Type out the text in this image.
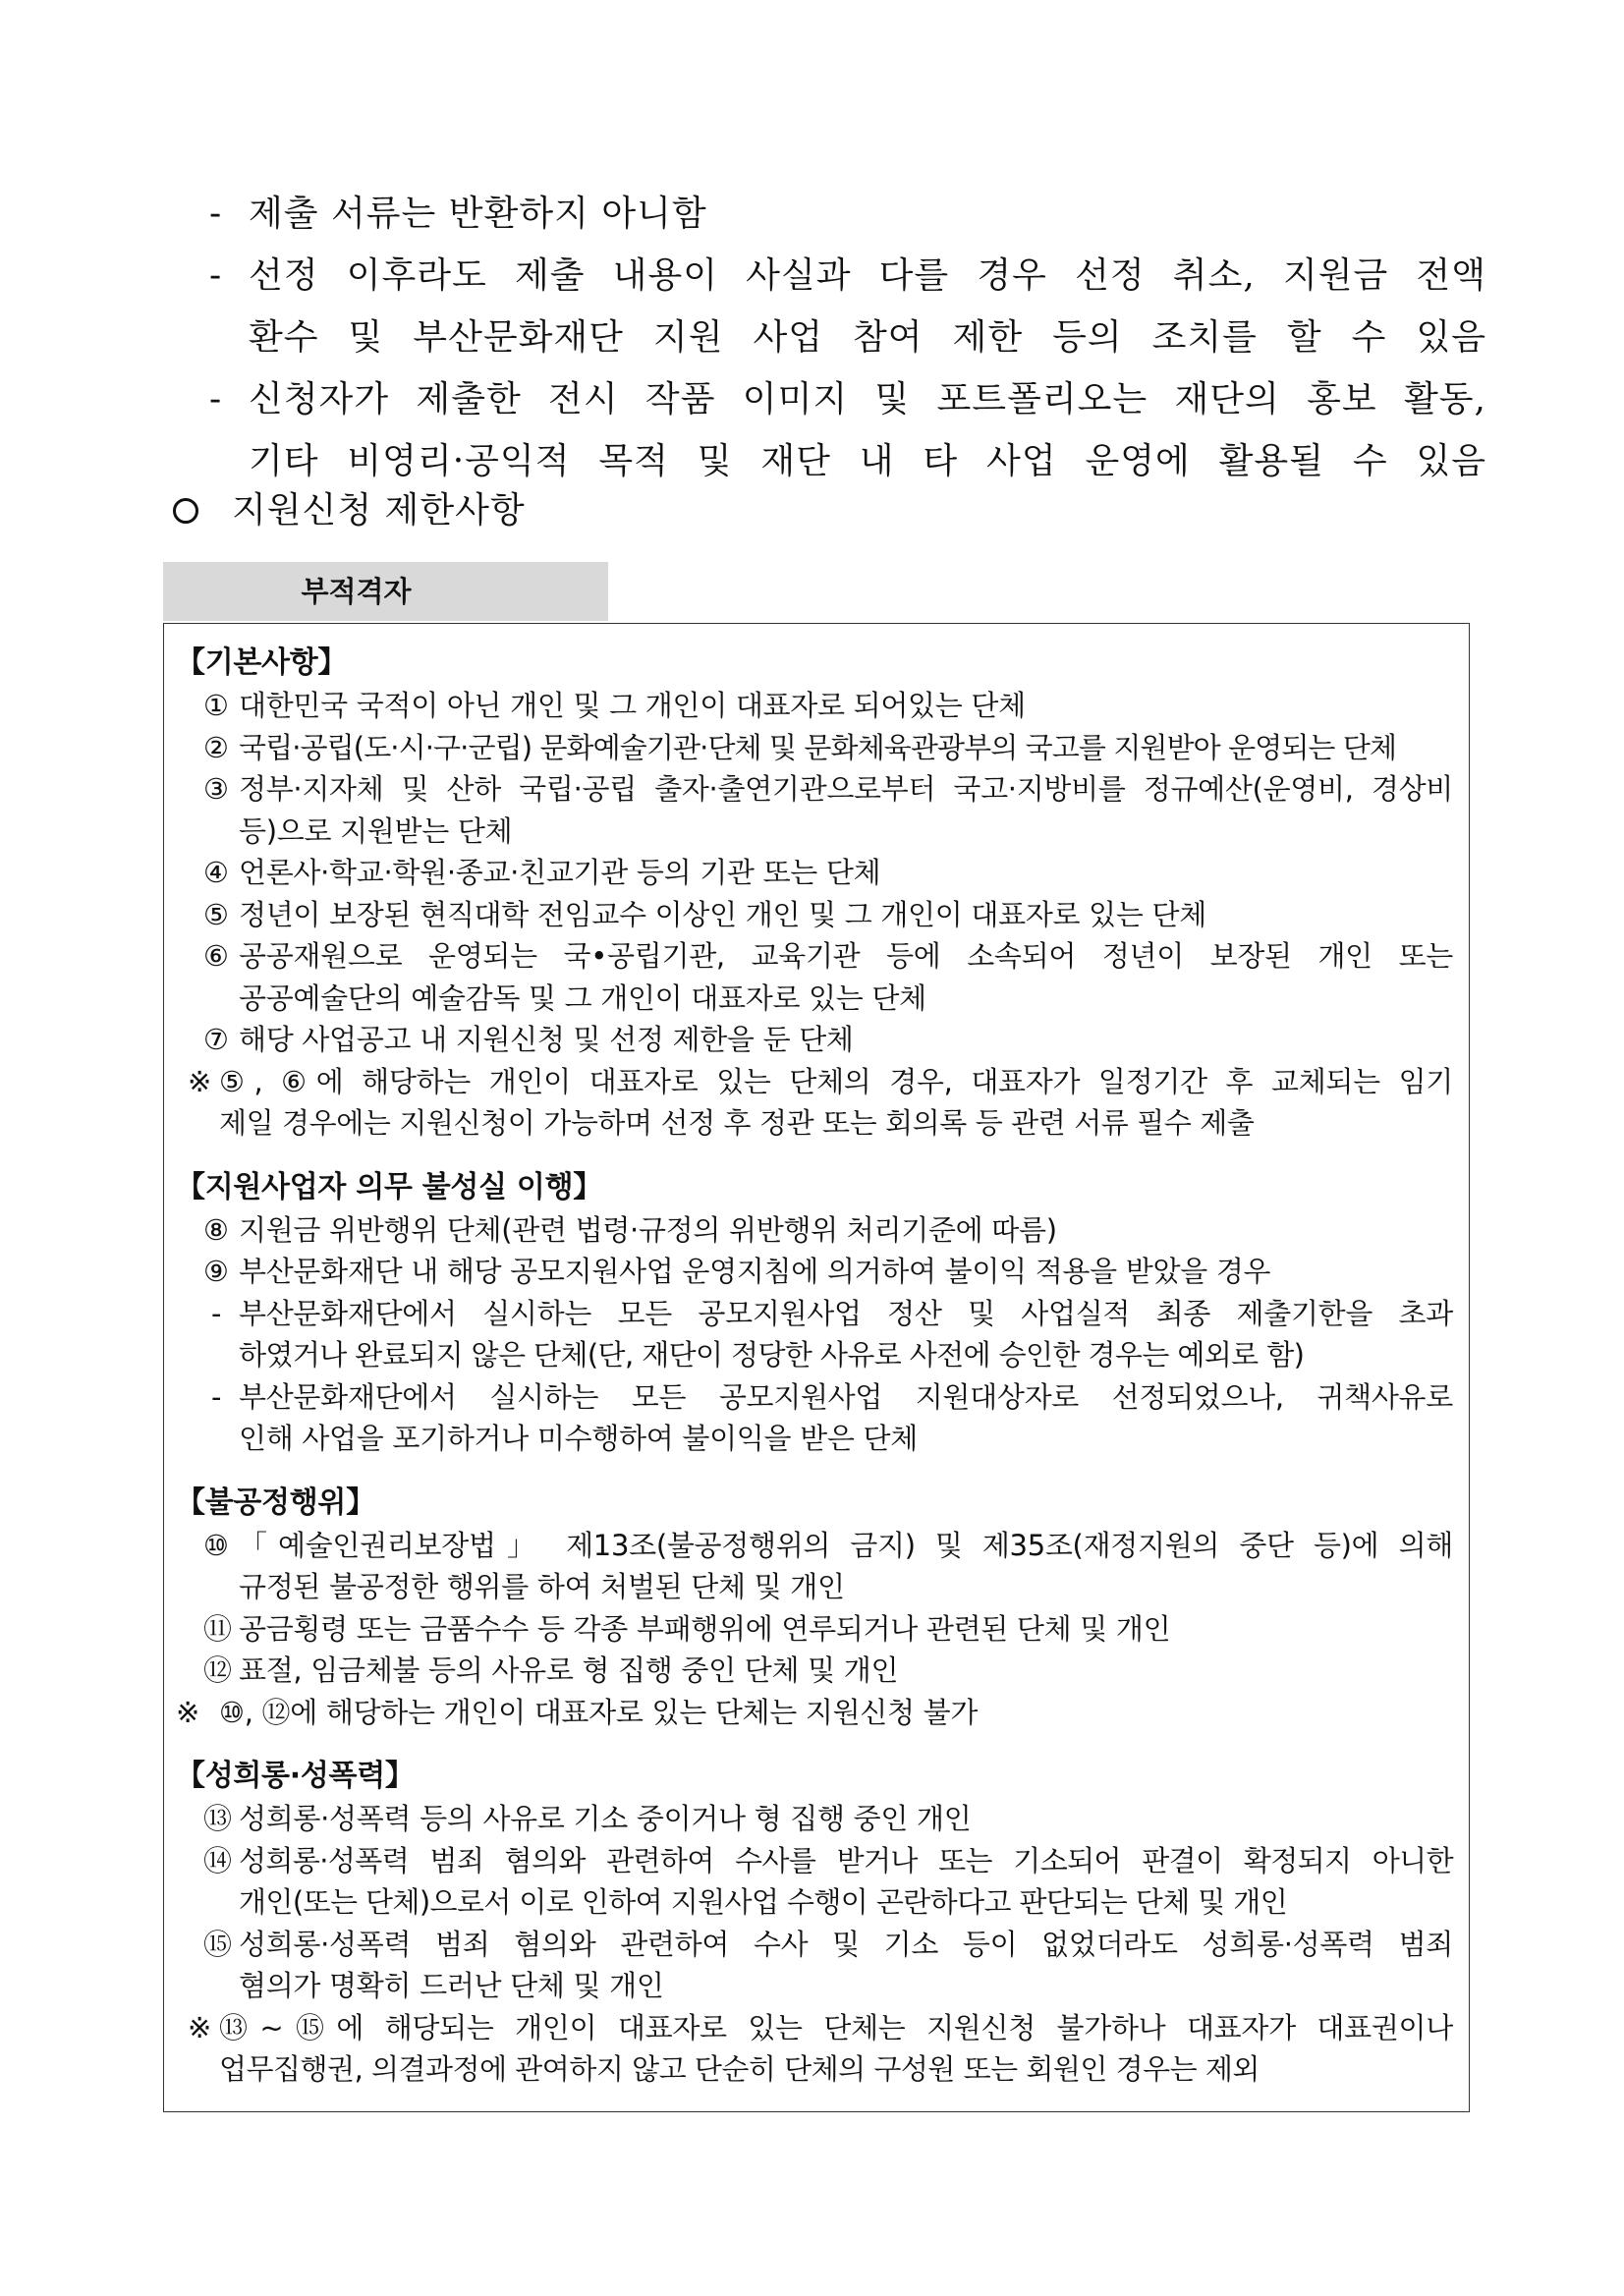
- 제출 서류는 반환하지 아니함
- 선정 이후라도 제출 내용이 사실과 다를 경우 선정 취소, 지원금 전액
환수 및 부산문화재단 지원 사업 참여 제한 등의 조치를 할 수 있음
- 신청자가 제출한 전시 작품 이미지 및 포트폴리오는 재단의 홍보 활동,
기타 비영리·공익적 목적 및 재단 내 타 사업 운영에 활용될 수 있음
지원신청 제한사항
부적격자
【기본사항】
① 대한민국 국적이 아닌 개인 및 그 개인이 대표자로 되어있는 단체
② 국립·공립(도·시·구·군립) 문화예술기관·단체 및 문화체육관광부의 국고를 지원받아 운영되는 단체
③ 정부·지자체 및 산하 국립·공립 출자·출연기관으로부터 국고·지방비를 정규예산(운영비, 경상비
등)으로 지원받는 단체
④ 언론사·학교·학원·종교·친교기관 등의 기관 또는 단체
⑤ 정년이 보장된 현직대학 전임교수 이상인 개인 및 그 개인이 대표자로 있는 단체
⑥ 공공재원으로 운영되는 국•공립기관, 교육기관 등에 소속되어 정년이 보장된 개인 또는
공공예술단의 예술감독 및 그 개인이 대표자로 있는 단체
⑦ 해당 사업공고 내 지원신청 및 선정 제한을 둔 단체
※ ⑤, ⑥에 해당하는 개인이 대표자로 있는 단체의 경우, 대표자가 일정기간 후 교체되는 임기
제일 경우에는 지원신청이 가능하며 선정 후 정관 또는 회의록 등 관련 서류 필수 제출
【지원사업자 의무 불성실 이행】
⑧ 지원금 위반행위 단체(관련 법령·규정의 위반행위 처리기준에 따름)
⑨ 부산문화재단 내 해당 공모지원사업 운영지침에 의거하여 불이익 적용을 받았을 경우
- 부산문화재단에서 실시하는 모든 공모지원사업 정산 및 사업실적 최종 제출기한을 초과
하였거나 완료되지 않은 단체(단, 재단이 정당한 사유로 사전에 승인한 경우는 예외로 함)
- 부산문화재단에서 실시하는 모든 공모지원사업 지원대상자로 선정되었으나, 귀책사유로
인해 사업을 포기하거나 미수행하여 불이익을 받은 단체
【불공정행위】
⑩ 「예술인권리보장법」 제13조(불공정행위의 금지) 및 제35조(재정지원의 중단 등)에 의해
규정된 불공정한 행위를 하여 처벌된 단체 및 개인
⑪ 공금횡령 또는 금품수수 등 각종 부패행위에 연루되거나 관련된 단체 및 개인
⑫ 표절, 임금체불 등의 사유로 형 집행 중인 단체 및 개인
※ ⑩, ⑫에 해당하는 개인이 대표자로 있는 단체는 지원신청 불가
【성희롱·성폭력】
⑬ 성희롱·성폭력 등의 사유로 기소 중이거나 형 집행 중인 개인
⑭ 성희롱·성폭력 범죄 혐의와 관련하여 수사를 받거나 또는 기소되어 판결이 확정되지 아니한
개인(또는 단체)으로서 이로 인하여 지원사업 수행이 곤란하다고 판단되는 단체 및 개인
⑮ 성희롱·성폭력 범죄 혐의와 관련하여 수사 및 기소 등이 없었더라도 성희롱·성폭력 범죄
혐의가 명확히 드러난 단체 및 개인
※ ⑬~⑮에 해당되는 개인이 대표자로 있는 단체는 지원신청 불가하나 대표자가 대표권이나
업무집행권, 의결과정에 관여하지 않고 단순히 단체의 구성원 또는 회원인 경우는 제외
